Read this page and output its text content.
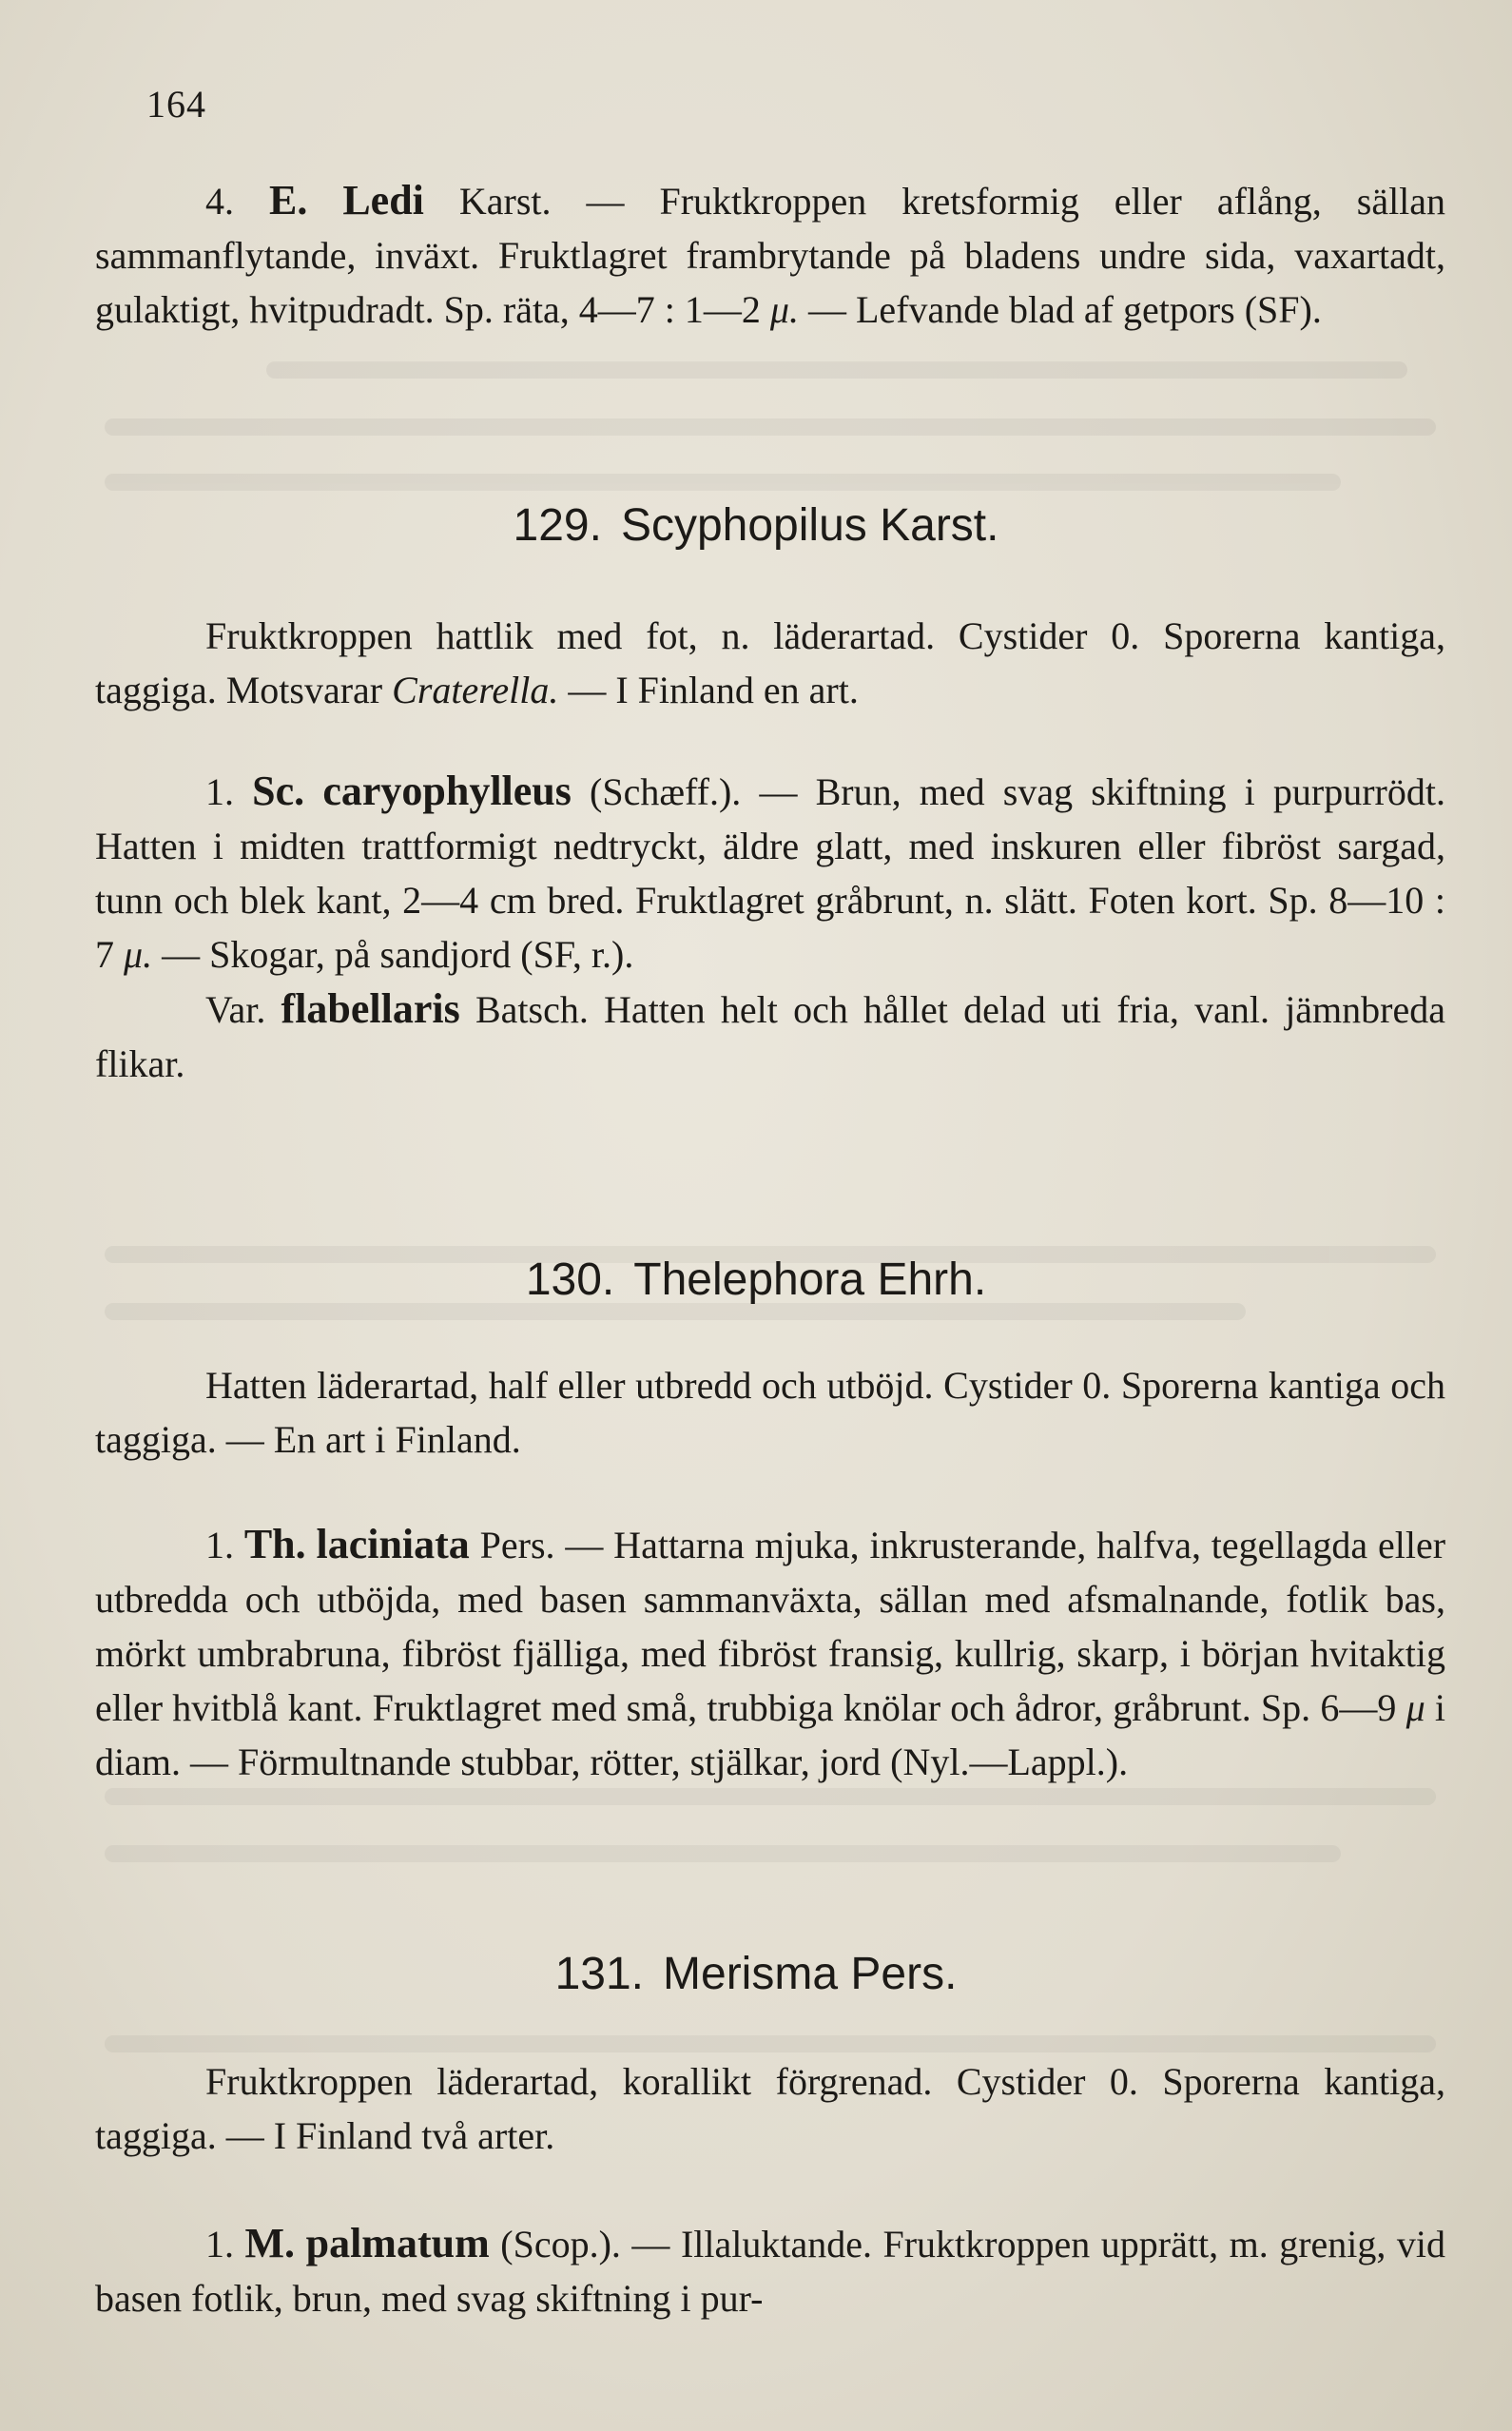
164

4. E. Ledi Karst. — Fruktkroppen kretsformig eller aflång, sällan sammanflytande, inväxt. Fruktlagret frambrytande på bladens undre sida, vaxartadt, gulaktigt, hvitpudradt. Sp. räta, 4—7 : 1—2 μ. — Lefvande blad af getpors (SF).

129. Scyphopilus Karst.

Fruktkroppen hattlik med fot, n. läderartad. Cystider 0. Sporerna kantiga, taggiga. Motsvarar Craterella. — I Finland en art.

1. Sc. caryophylleus (Schæff.). — Brun, med svag skiftning i purpurrödt. Hatten i midten trattformigt nedtryckt, äldre glatt, med inskuren eller fibröst sargad, tunn och blek kant, 2—4 cm bred. Fruktlagret gråbrunt, n. slätt. Foten kort. Sp. 8—10 : 7 μ. — Skogar, på sandjord (SF, r.).

Var. flabellaris Batsch. Hatten helt och hållet delad uti fria, vanl. jämnbreda flikar.

130. Thelephora Ehrh.

Hatten läderartad, half eller utbredd och utböjd. Cystider 0. Sporerna kantiga och taggiga. — En art i Finland.

1. Th. laciniata Pers. — Hattarna mjuka, inkrusterande, halfva, tegellagda eller utbredda och utböjda, med basen sammanväxta, sällan med afsmalnande, fotlik bas, mörkt umbrabruna, fibröst fjälliga, med fibröst fransig, kullrig, skarp, i början hvitaktig eller hvitblå kant. Fruktlagret med små, trubbiga knölar och ådror, gråbrunt. Sp. 6—9 μ i diam. — Förmultnande stubbar, rötter, stjälkar, jord (Nyl.—Lappl.).

131. Merisma Pers.

Fruktkroppen läderartad, korallikt förgrenad. Cystider 0. Sporerna kantiga, taggiga. — I Finland två arter.

1. M. palmatum (Scop.). — Illaluktande. Fruktkroppen upprätt, m. grenig, vid basen fotlik, brun, med svag skiftning i pur-
